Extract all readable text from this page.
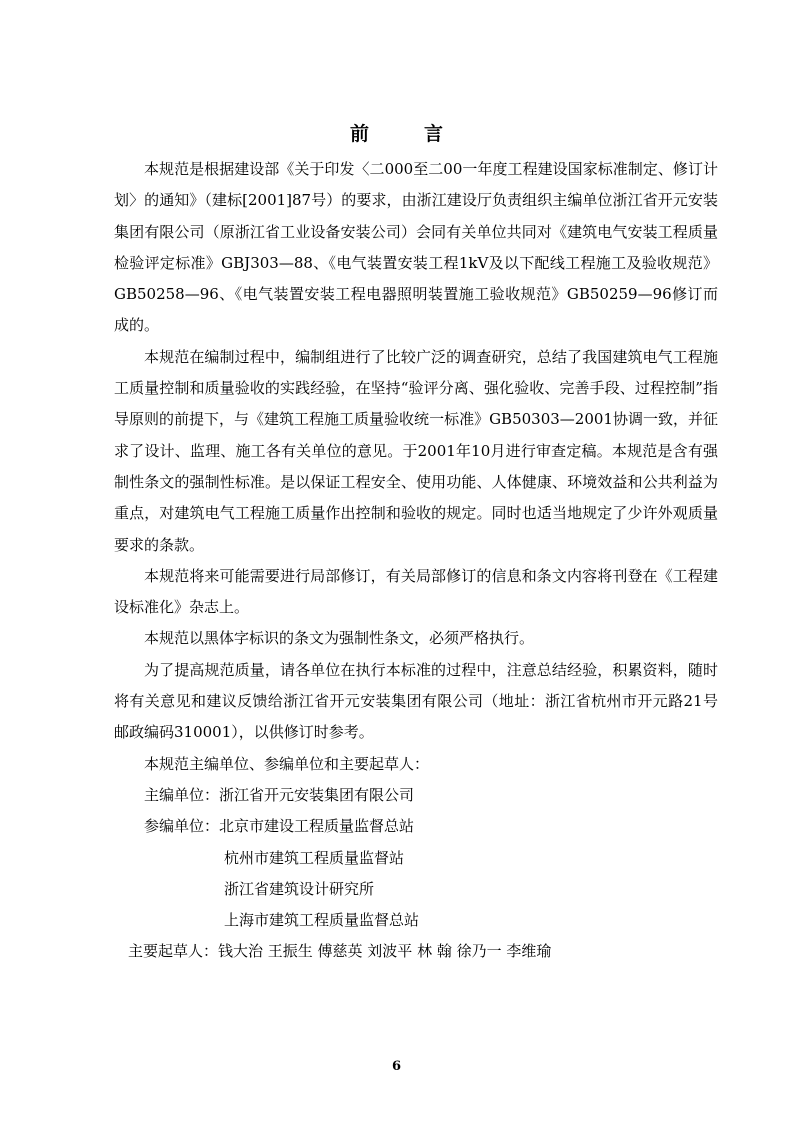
前　言

本规范是根据建设部《关于印发〈二000至二00一年度工程建设国家标准制定、修订计划〉的通知》（建标[2001]87号）的要求，由浙江建设厅负责组织主编单位浙江省开元安装集团有限公司（原浙江省工业设备安装公司）会同有关单位共同对《建筑电气安装工程质量检验评定标准》GBJ303—88、《电气装置安装工程1kV及以下配线工程施工及验收规范》GB50258—96、《电气装置安装工程电器照明装置施工验收规范》GB50259—96修订而成的。

本规范在编制过程中，编制组进行了比较广泛的调查研究，总结了我国建筑电气工程施工质量控制和质量验收的实践经验，在坚持“验评分离、强化验收、完善手段、过程控制”指导原则的前提下，与《建筑工程施工质量验收统一标准》GB50303—2001协调一致，并征求了设计、监理、施工各有关单位的意见。于2001年10月进行审查定稿。本规范是含有强制性条文的强制性标准。是以保证工程安全、使用功能、人体健康、环境效益和公共利益为重点，对建筑电气工程施工质量作出控制和验收的规定。同时也适当地规定了少许外观质量要求的条款。

本规范将来可能需要进行局部修订，有关局部修订的信息和条文内容将刊登在《工程建设标准化》杂志上。

本规范以黑体字标识的条文为强制性条文，必须严格执行。

为了提高规范质量，请各单位在执行本标准的过程中，注意总结经验，积累资料，随时将有关意见和建议反馈给浙江省开元安装集团有限公司（地址：浙江省杭州市开元路21号邮政编码310001），以供修订时参考。

本规范主编单位、参编单位和主要起草人：

主编单位：浙江省开元安装集团有限公司

参编单位：北京市建设工程质量监督总站

杭州市建筑工程质量监督站

浙江省建筑设计研究所

上海市建筑工程质量监督总站

主要起草人：钱大治 王振生 傅慈英 刘波平 林 翰 徐乃一 李维瑜

6
